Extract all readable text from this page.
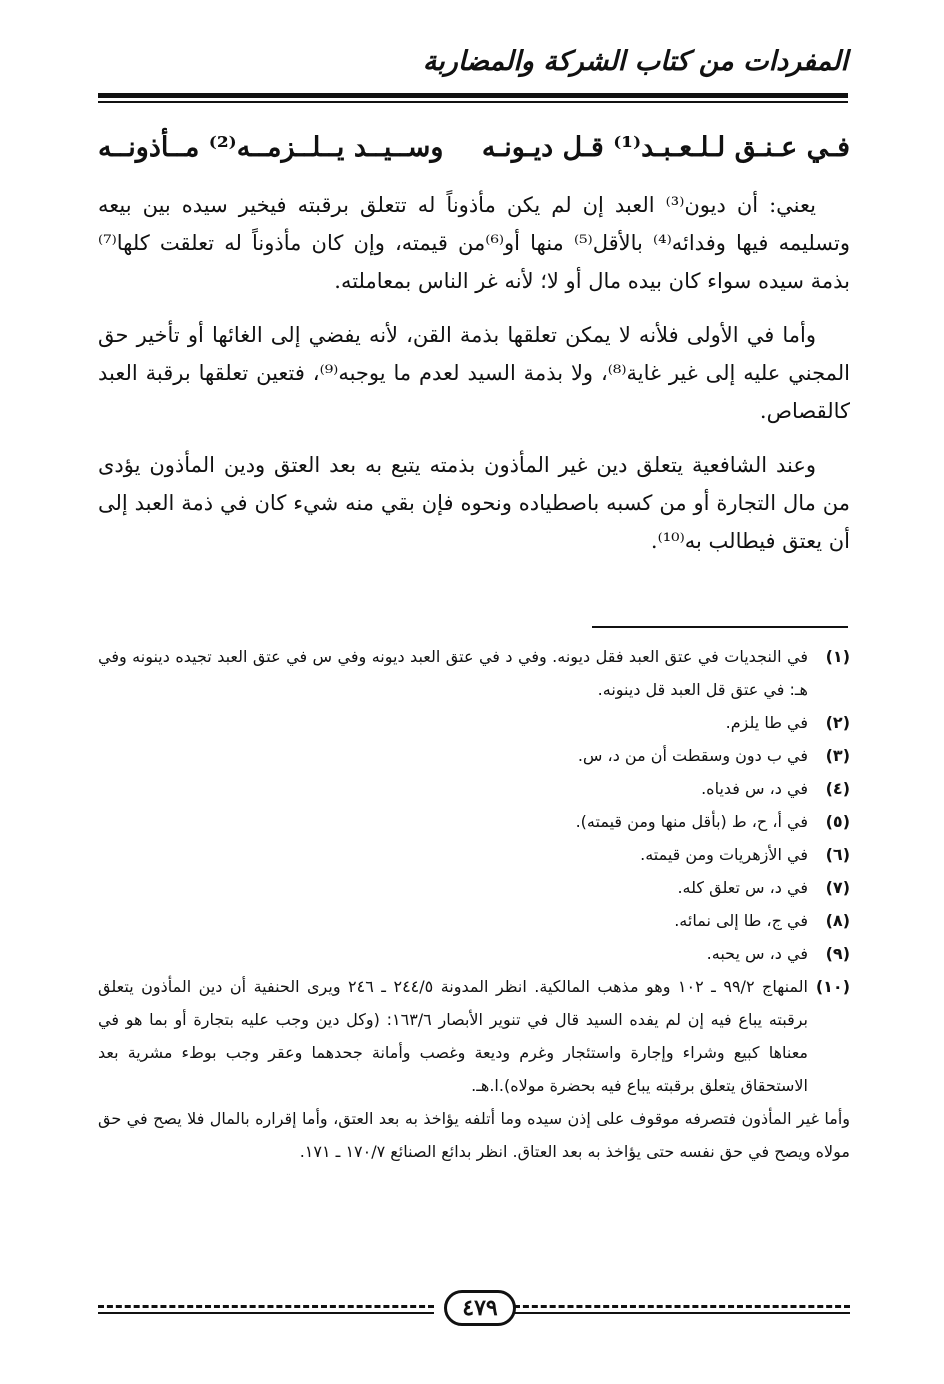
المفردات من كتاب الشركة والمضاربة
فـي عـنـق لـلـعـبـد⁽¹⁾ قـل ديـونـه
وســيــد يــلــزمــه⁽²⁾ مــأذونــه

يعني: أن ديون⁽³⁾ العبد إن لم يكن مأذوناً له تتعلق برقبته فيخير سيده بين بيعه وتسليمه فيها وفدائه⁽⁴⁾ بالأقل⁽⁵⁾ منها أو⁽⁶⁾من قيمته، وإن كان مأذوناً له تعلقت كلها⁽⁷⁾ بذمة سيده سواء كان بيده مال أو لا؛ لأنه غر الناس بمعاملته.

وأما في الأولى فلأنه لا يمكن تعلقها بذمة القن، لأنه يفضي إلى الغائها أو تأخير حق المجني عليه إلى غير غاية⁽⁸⁾، ولا بذمة السيد لعدم ما يوجبه⁽⁹⁾، فتعين تعلقها برقبة العبد كالقصاص.

وعند الشافعية يتعلق دين غير المأذون بذمته يتبع به بعد العتق ودين المأذون يؤدى من مال التجارة أو من كسبه باصطياده ونحوه فإن بقي منه شيء كان في ذمة العبد إلى أن يعتق فيطالب به⁽¹⁰⁾.

(١)
في النجديات في عتق العبد فقل ديونه. وفي د في عتق العبد ديونه وفي س في عتق العبد تجيده دينونه وفي هـ: في عتق قل العبد قل دينونه.
(٢)
في طا يلزم.
(٣)
في ب دون وسقطت أن من د، س.
(٤)
في د، س فدياه.
(٥)
في أ، ح، ط (بأقل منها ومن قيمته).
(٦)
في الأزهريات ومن قيمته.
(٧)
في د، س تعلق كله.
(٨)
في ج، طا إلى نمائه.
(٩)
في د، س يحبه.
(١٠)
المنهاج ٩٩/٢ ـ ١٠٢ وهو مذهب المالكية. انظر المدونة ٢٤٤/٥ ـ ٢٤٦ ويرى الحنفية أن دين المأذون يتعلق برقبته يباع فيه إن لم يفده السيد قال في تنوير الأبصار ١٦٣/٦: (وكل دين وجب عليه بتجارة أو بما هو في معناها كبيع وشراء وإجارة واستئجار وغرم وديعة وغصب وأمانة جحدهما وعقر وجب بوطء مشرية بعد الاستحقاق يتعلق برقبته يباع فيه بحضرة مولاه).ا.هـ.

وأما غير المأذون فتصرفه موقوف على إذن سيده وما أتلفه يؤاخذ به بعد العتق، وأما إقراره بالمال فلا يصح في حق مولاه ويصح في حق نفسه حتى يؤاخذ به بعد العتاق. انظر بدائع الصنائع ١٧٠/٧ ـ ١٧١.

٤٧٩
